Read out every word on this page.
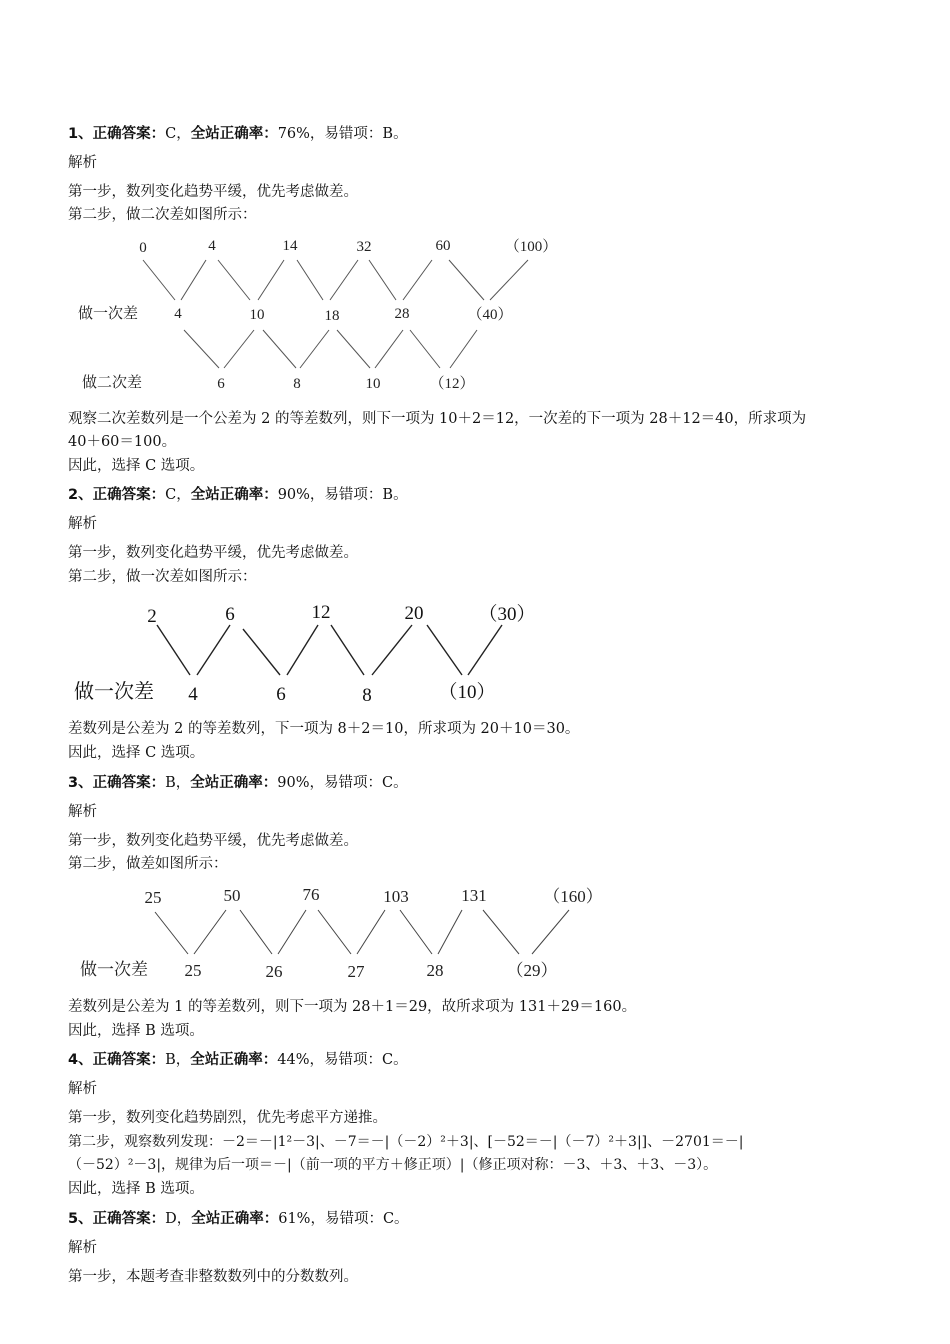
1、正确答案：C，全站正确率：76%，易错项：B。
解析
第一步，数列变化趋势平缓，优先考虑做差。
第二步，做二次差如图所示：
0	4	14	32	60	（100）
4	10	18	28	（40）
6	8	10	（12）
做一次差
做二次差
观察二次差数列是一个公差为 2 的等差数列，则下一项为 10＋2＝12，一次差的下一项为 28＋12＝40，所求项为
40＋60＝100。
因此，选择 C 选项。
2、正确答案：C，全站正确率：90%，易错项：B。
解析
第一步，数列变化趋势平缓，优先考虑做差。
第二步，做一次差如图所示：
2	6	12	20	（30）
4	6	8	（10）
做一次差
差数列是公差为 2 的等差数列，下一项为 8＋2＝10，所求项为 20＋10＝30。
因此，选择 C 选项。
3、正确答案：B，全站正确率：90%，易错项：C。
解析
第一步，数列变化趋势平缓，优先考虑做差。
第二步，做差如图所示：
25	50	76	103	131	（160）
25	26	27	28	（29）
做一次差
差数列是公差为 1 的等差数列，则下一项为 28＋1＝29，故所求项为 131＋29＝160。
因此，选择 B 选项。
4、正确答案：B，全站正确率：44%，易错项：C。
解析
第一步，数列变化趋势剧烈，优先考虑平方递推。
第二步，观察数列发现：－2＝－|1²－3|、－7＝－|（－2）²＋3|、[－52＝－|（－7）²＋3|]、－2701＝－|
（－52）²－3|，规律为后一项＝－|（前一项的平方＋修正项）|（修正项对称：－3、＋3、＋3、－3）。
因此，选择 B 选项。
5、正确答案：D，全站正确率：61%，易错项：C。
解析
第一步，本题考查非整数数列中的分数数列。
